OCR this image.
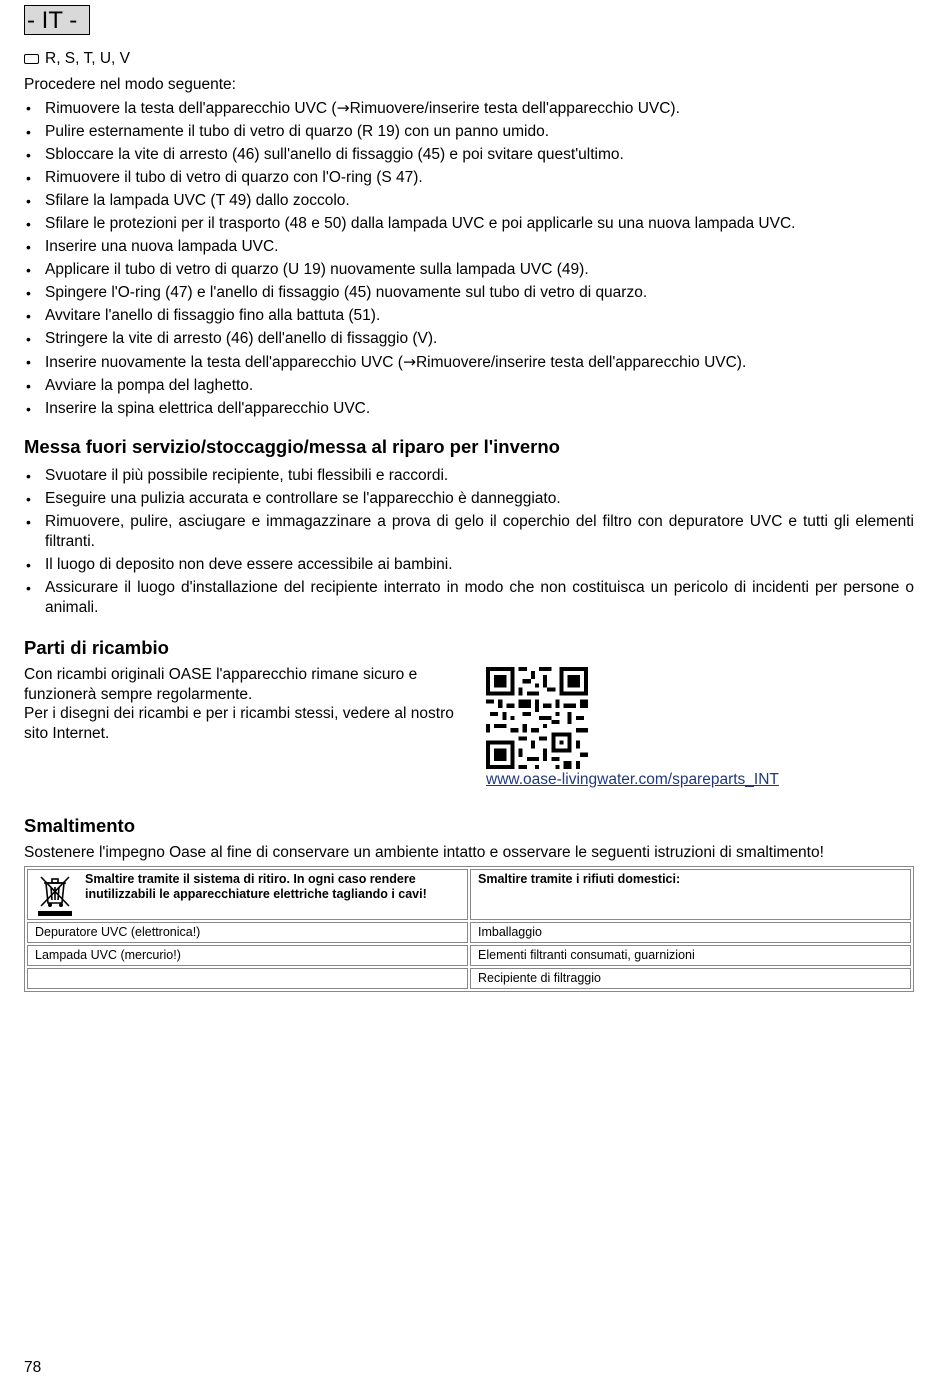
- IT -
R, S, T, U, V
Procedere nel modo seguente:
• Rimuovere la testa dell'apparecchio UVC (→Rimuovere/inserire testa dell'apparecchio UVC).
• Pulire esternamente il tubo di vetro di quarzo (R 19) con un panno umido.
• Sbloccare la vite di arresto (46) sull'anello di fissaggio (45) e poi svitare quest'ultimo.
• Rimuovere il tubo di vetro di quarzo con l'O-ring (S 47).
• Sfilare la lampada UVC (T 49) dallo zoccolo.
• Sfilare le protezioni per il trasporto (48 e 50) dalla lampada UVC e poi applicarle su una nuova lampada UVC.
• Inserire una nuova lampada UVC.
• Applicare il tubo di vetro di quarzo (U 19) nuovamente sulla lampada UVC (49).
• Spingere l'O-ring (47) e l'anello di fissaggio (45) nuovamente sul tubo di vetro di quarzo.
• Avvitare l'anello di fissaggio fino alla battuta (51).
• Stringere la vite di arresto (46) dell'anello di fissaggio (V).
• Inserire nuovamente la testa dell'apparecchio UVC (→Rimuovere/inserire testa dell'apparecchio UVC).
• Avviare la pompa del laghetto.
• Inserire la spina elettrica dell'apparecchio UVC.
Messa fuori servizio/stoccaggio/messa al riparo per l'inverno
• Svuotare il più possibile recipiente, tubi flessibili e raccordi.
• Eseguire una pulizia accurata e controllare se l'apparecchio è danneggiato.
• Rimuovere, pulire, asciugare e immagazzinare a prova di gelo il coperchio del filtro con depuratore UVC e tutti gli elementi filtranti.
• Il luogo di deposito non deve essere accessibile ai bambini.
• Assicurare il luogo d'installazione del recipiente interrato in modo che non costituisca un pericolo di incidenti per persone o animali.
Parti di ricambio
Con ricambi originali OASE l'apparecchio rimane sicuro e funzionerà sempre regolarmente.
Per i disegni dei ricambi e per i ricambi stessi, vedere al nostro sito Internet.
www.oase-livingwater.com/spareparts_INT
Smaltimento
Sostenere l'impegno Oase al fine di conservare un ambiente intatto e osservare le seguenti istruzioni di smaltimento!
Smaltire tramite il sistema di ritiro. In ogni caso rendere inutilizzabili le apparecchiature elettriche tagliando i cavi!	Smaltire tramite i rifiuti domestici:
Depuratore UVC (elettronica!)	Imballaggio
Lampada UVC (mercurio!)	Elementi filtranti consumati, guarnizioni
	Recipiente di filtraggio
78
